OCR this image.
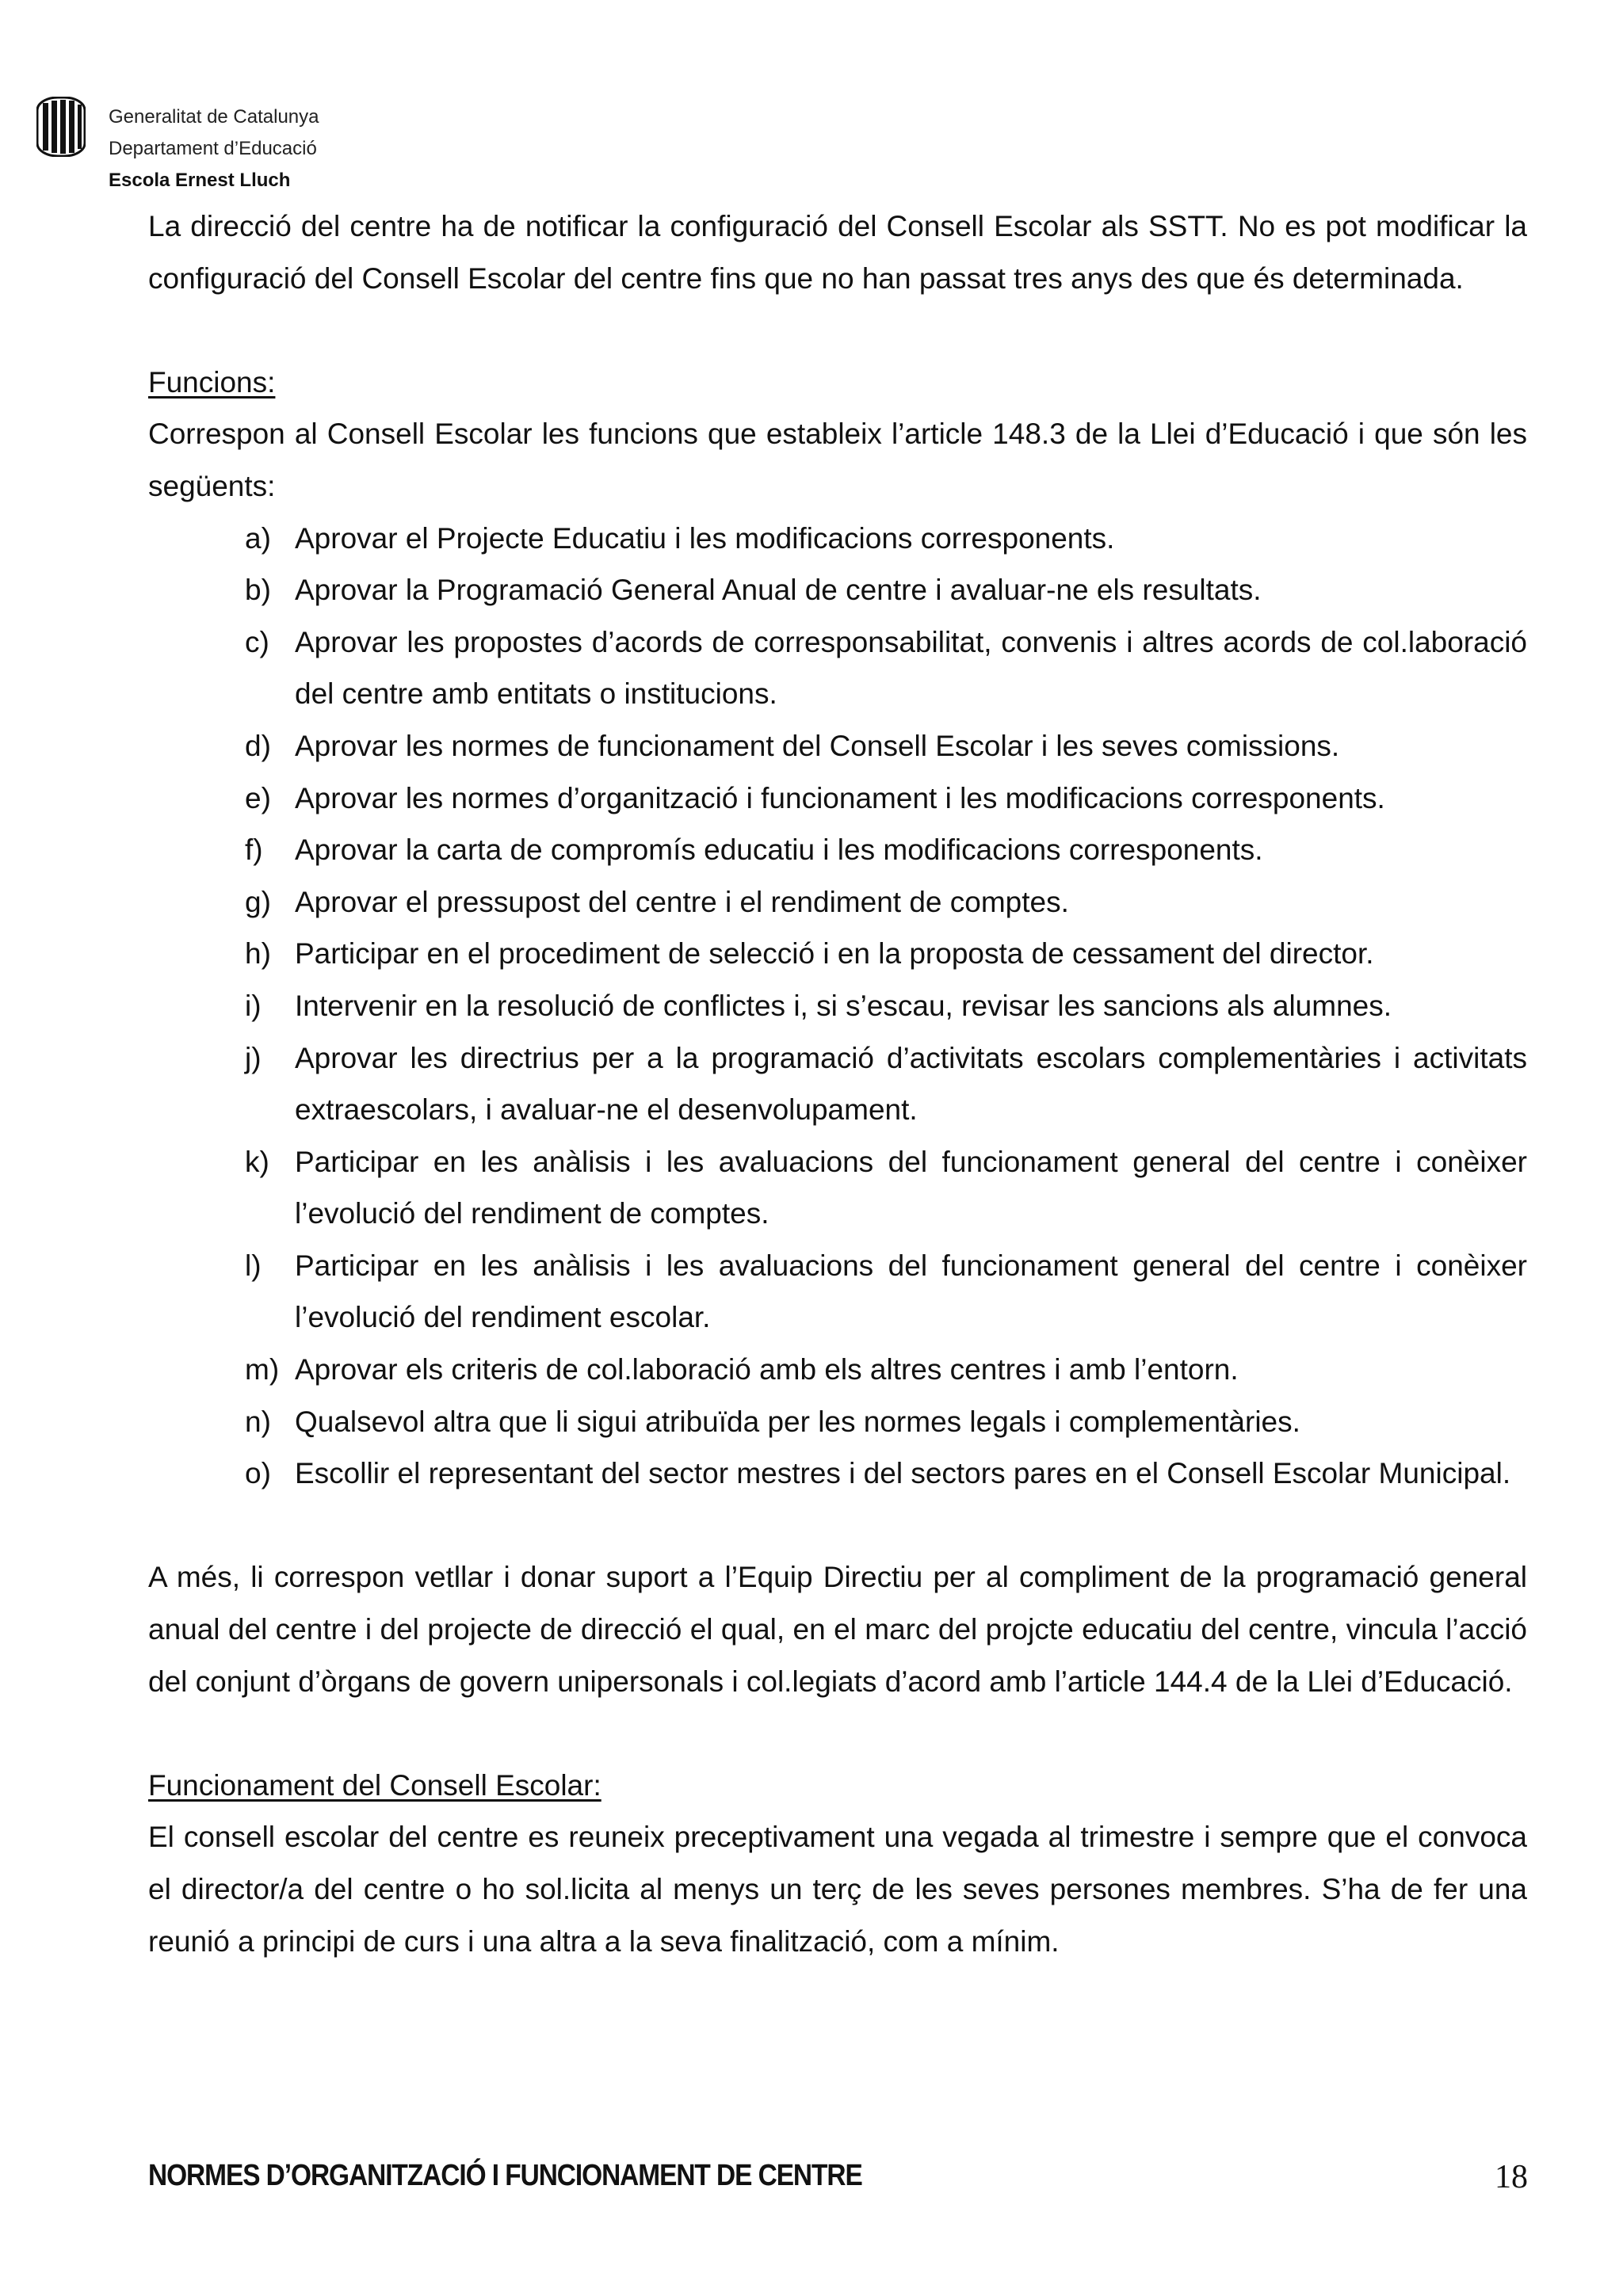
Generalitat de Catalunya
Departament d’Educació
Escola Ernest Lluch

La direcció del centre ha de notificar la configuració del Consell Escolar als SSTT. No es pot modificar la configuració del Consell Escolar del centre fins que no han passat tres anys des que és determinada.

Funcions:

Correspon al Consell Escolar les funcions que estableix l’article 148.3 de la Llei d’Educació i que són les següents:

a) Aprovar el Projecte Educatiu i les modificacions corresponents.
b) Aprovar la Programació General Anual de centre i avaluar-ne els resultats.
c) Aprovar les propostes d’acords de corresponsabilitat, convenis i altres acords de col.laboració del centre amb entitats o institucions.
d) Aprovar les normes de funcionament del Consell Escolar i les seves comissions.
e) Aprovar les normes d’organització i funcionament i les modificacions corresponents.
f) Aprovar la carta de compromís educatiu i les modificacions corresponents.
g) Aprovar el pressupost del centre i el rendiment de comptes.
h) Participar en el procediment de selecció i en la proposta de cessament del director.
i) Intervenir en la resolució de conflictes i, si s’escau, revisar les sancions als alumnes.
j) Aprovar les directrius per a la programació d’activitats escolars complementàries i activitats extraescolars, i avaluar-ne el desenvolupament.
k) Participar en les anàlisis i les avaluacions del funcionament general del centre i conèixer l’evolució del rendiment de comptes.
l) Participar en les anàlisis i les avaluacions del funcionament general del centre i conèixer l’evolució del rendiment escolar.
m) Aprovar els criteris de col.laboració amb els altres centres i amb l’entorn.
n) Qualsevol altra que li sigui atribuïda per les normes legals i complementàries.
o) Escollir el representant del sector mestres i del sectors pares en el Consell Escolar Municipal.

A més, li correspon vetllar i donar suport a l’Equip Directiu per al compliment de la programació general anual del centre i del projecte de direcció el qual, en el marc del projcte educatiu del centre, vincula l’acció del conjunt d’òrgans de govern unipersonals i col.legiats d’acord amb l’article 144.4 de la Llei d’Educació.

Funcionament del Consell Escolar:

El consell escolar del centre es reuneix preceptivament una vegada al trimestre i sempre que el convoca el director/a del centre o ho sol.licita al menys un terç de les seves persones membres. S’ha de fer una reunió a principi de curs i una altra a la seva finalització, com a mínim.

NORMES D’ORGANITZACIÓ I FUNCIONAMENT DE CENTRE	18
